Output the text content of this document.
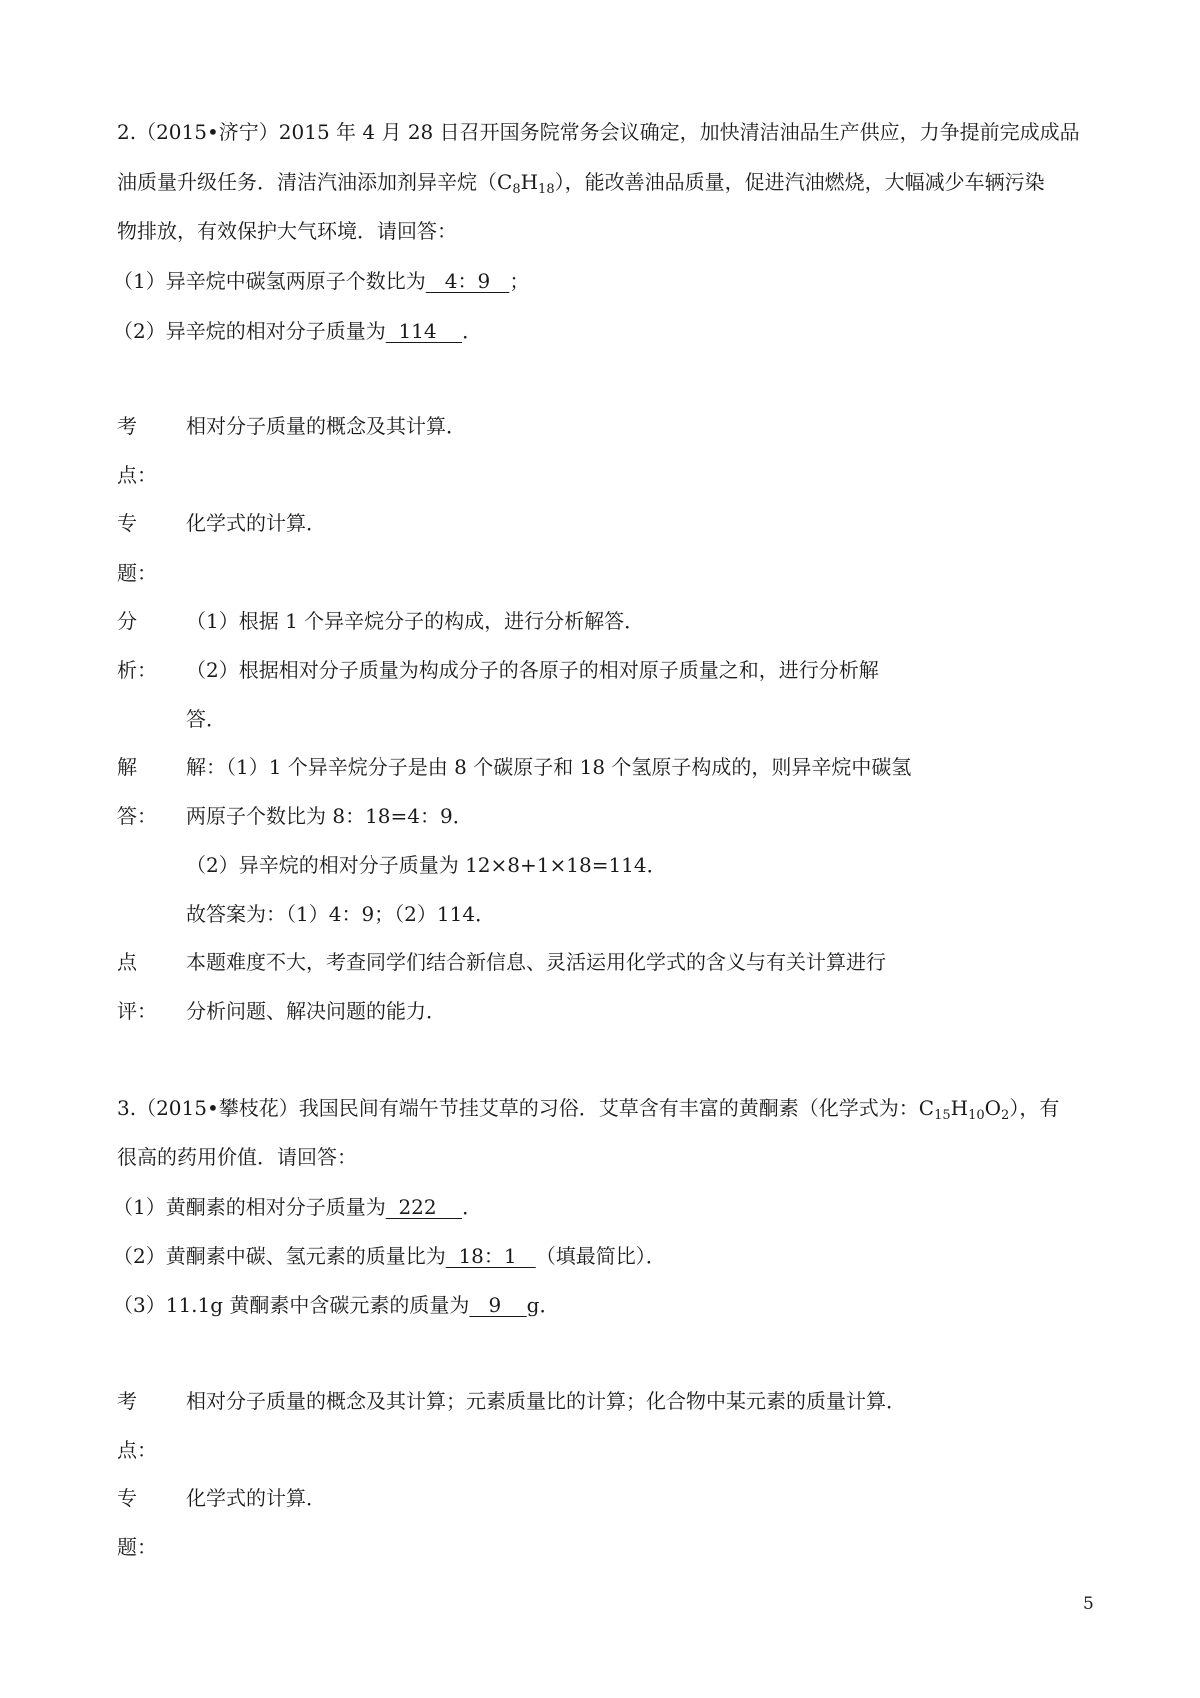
2.（2015•济宁）2015 年 4 月 28 日召开国务院常务会议确定，加快清洁油品生产供应，力争提前完成成品
油质量升级任务．清洁汽油添加剂异辛烷$(C_8H_{18})$，能改善油品质量，促进汽油燃烧，大幅减少车辆污染
物排放，有效保护大气环境．请回答：
（1）异辛烷中碳氢两原子个数比为   4：9   ；
（2）异辛烷的相对分子质量为  114    ．
考
点：
相对分子质量的概念及其计算．
专
题：
化学式的计算．
分
析：
（1）根据 1 个异辛烷分子的构成，进行分析解答．
（2）根据相对分子质量为构成分子的各原子的相对原子质量之和，进行分析解
答．
解
答：
解：（1）1 个异辛烷分子是由 8 个碳原子和 18 个氢原子构成的，则异辛烷中碳氢
两原子个数比为 8：18=4：9．
（2）异辛烷的相对分子质量为 12×8+1×18=114．
故答案为：（1）4：9；（2）114．
点
评：
本题难度不大，考查同学们结合新信息、灵活运用化学式的含义与有关计算进行
分析问题、解决问题的能力．
3.（2015•攀枝花）我国民间有端午节挂艾草的习俗．艾草含有丰富的黄酮素（化学式为：$C_{15}H_{10}O_2$），有
很高的药用价值．请回答：
（1）黄酮素的相对分子质量为  222    ．
（2）黄酮素中碳、氢元素的质量比为  18：1   （填最简比）．
（3）11.1g 黄酮素中含碳元素的质量为   9    g．
考
点：
相对分子质量的概念及其计算；元素质量比的计算；化合物中某元素的质量计算．
专
题：
化学式的计算．
5
